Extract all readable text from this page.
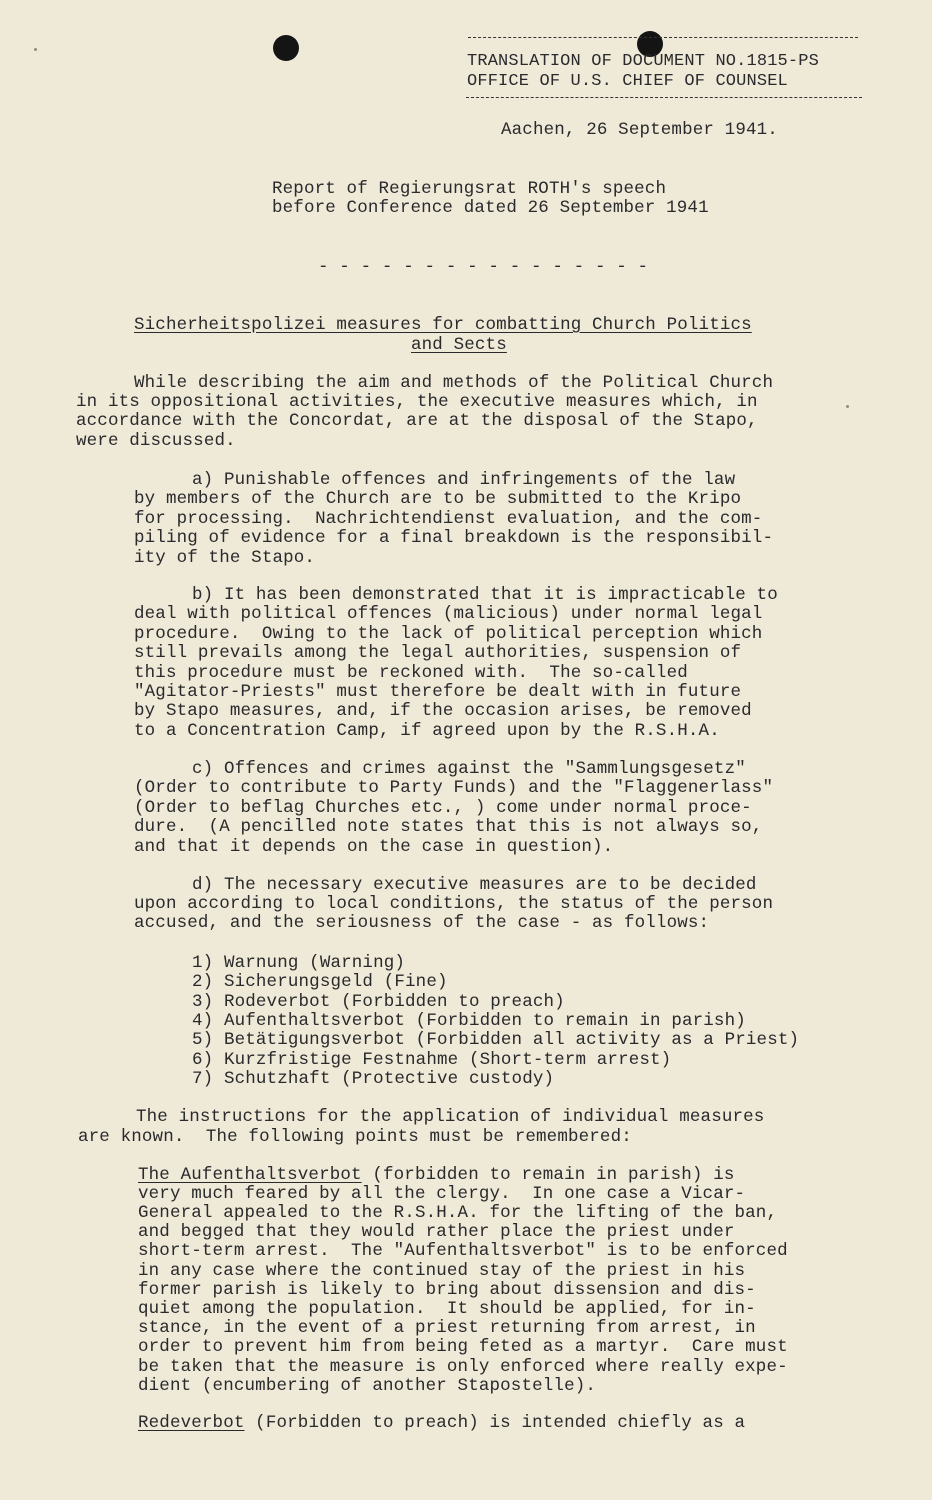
TRANSLATION OF DOCUMENT NO.1815-PS

OFFICE OF U.S. CHIEF OF COUNSEL

Aachen, 26 September 1941.

Report of Regierungsrat ROTH's speech

before Conference dated 26 September 1941

- - - - - - - - - - - - - - - -

Sicherheitspolizei measures for combatting Church Politics

and Sects

While describing the aim and methods of the Political Church

in its oppositional activities, the executive measures which, in

accordance with the Concordat, are at the disposal of the Stapo,

were discussed.

a) Punishable offences and infringements of the law

by members of the Church are to be submitted to the Kripo

for processing.  Nachrichtendienst evaluation, and the com-

piling of evidence for a final breakdown is the responsibil-

ity of the Stapo.

b) It has been demonstrated that it is impracticable to

deal with political offences (malicious) under normal legal

procedure.  Owing to the lack of political perception which

still prevails among the legal authorities, suspension of

this procedure must be reckoned with.  The so-called

"Agitator-Priests" must therefore be dealt with in future

by Stapo measures, and, if the occasion arises, be removed

to a Concentration Camp, if agreed upon by the R.S.H.A.

c) Offences and crimes against the "Sammlungsgesetz"

(Order to contribute to Party Funds) and the "Flaggenerlass"

(Order to beflag Churches etc., ) come under normal proce-

dure.  (A pencilled note states that this is not always so,

and that it depends on the case in question).

d) The necessary executive measures are to be decided

upon according to local conditions, the status of the person

accused, and the seriousness of the case - as follows:

1) Warnung (Warning)

2) Sicherungsgeld (Fine)

3) Rodeverbot (Forbidden to preach)

4) Aufenthaltsverbot (Forbidden to remain in parish)

5) Betätigungsverbot (Forbidden all activity as a Priest)

6) Kurzfristige Festnahme (Short-term arrest)

7) Schutzhaft (Protective custody)

The instructions for the application of individual measures

are known.  The following points must be remembered:

The Aufenthaltsverbot (forbidden to remain in parish) is

very much feared by all the clergy.  In one case a Vicar-

General appealed to the R.S.H.A. for the lifting of the ban,

and begged that they would rather place the priest under

short-term arrest.  The "Aufenthaltsverbot" is to be enforced

in any case where the continued stay of the priest in his

former parish is likely to bring about dissension and dis-

quiet among the population.  It should be applied, for in-

stance, in the event of a priest returning from arrest, in

order to prevent him from being feted as a martyr.  Care must

be taken that the measure is only enforced where really expe-

dient (encumbering of another Stapostelle).

Redeverbot (Forbidden to preach) is intended chiefly as a
